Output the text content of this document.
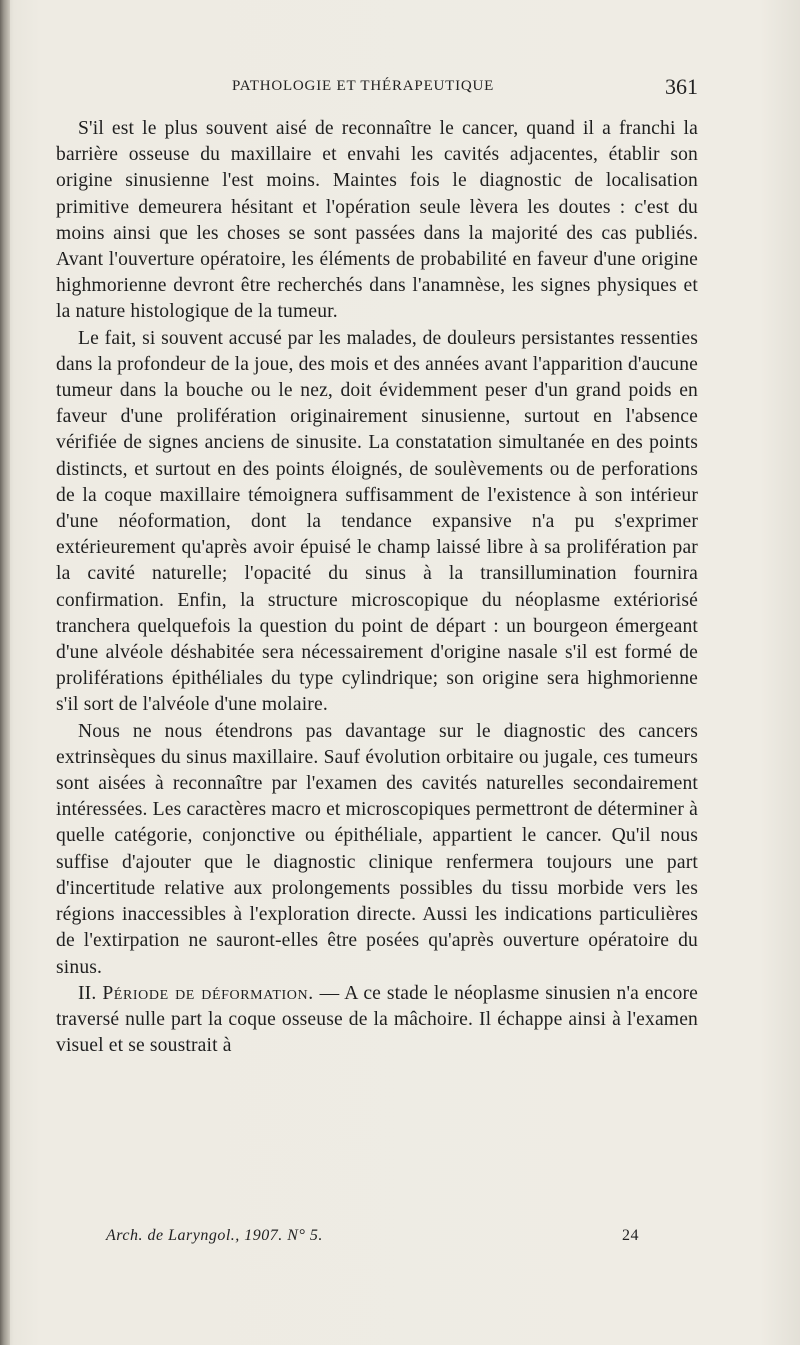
PATHOLOGIE ET THÉRAPEUTIQUE	361

S'il est le plus souvent aisé de reconnaître le cancer, quand il a franchi la barrière osseuse du maxillaire et envahi les cavités adjacentes, établir son origine sinusienne l'est moins. Maintes fois le diagnostic de localisation primitive demeurera hésitant et l'opération seule lèvera les doutes : c'est du moins ainsi que les choses se sont passées dans la majorité des cas publiés. Avant l'ouverture opératoire, les éléments de probabilité en faveur d'une origine highmorienne devront être recherchés dans l'anamnèse, les signes physiques et la nature histologique de la tumeur.

Le fait, si souvent accusé par les malades, de douleurs persistantes ressenties dans la profondeur de la joue, des mois et des années avant l'apparition d'aucune tumeur dans la bouche ou le nez, doit évidemment peser d'un grand poids en faveur d'une prolifération originairement sinusienne, surtout en l'absence vérifiée de signes anciens de sinusite. La constatation simultanée en des points distincts, et surtout en des points éloignés, de soulèvements ou de perforations de la coque maxillaire témoignera suffisamment de l'existence à son intérieur d'une néoformation, dont la tendance expansive n'a pu s'exprimer extérieurement qu'après avoir épuisé le champ laissé libre à sa prolifération par la cavité naturelle; l'opacité du sinus à la transillumination fournira confirmation. Enfin, la structure microscopique du néoplasme extériorisé tranchera quelquefois la question du point de départ : un bourgeon émergeant d'une alvéole déshabitée sera nécessairement d'origine nasale s'il est formé de proliférations épithéliales du type cylindrique; son origine sera highmorienne s'il sort de l'alvéole d'une molaire.

Nous ne nous étendrons pas davantage sur le diagnostic des cancers extrinsèques du sinus maxillaire. Sauf évolution orbitaire ou jugale, ces tumeurs sont aisées à reconnaître par l'examen des cavités naturelles secondairement intéressées. Les caractères macro et microscopiques permettront de déterminer à quelle catégorie, conjonctive ou épithéliale, appartient le cancer. Qu'il nous suffise d'ajouter que le diagnostic clinique renfermera toujours une part d'incertitude relative aux prolongements possibles du tissu morbide vers les régions inaccessibles à l'exploration directe. Aussi les indications particulières de l'extirpation ne sauront-elles être posées qu'après ouverture opératoire du sinus.

II. Période de déformation. — A ce stade le néoplasme sinusien n'a encore traversé nulle part la coque osseuse de la mâchoire. Il échappe ainsi à l'examen visuel et se soustrait à

Arch. de Laryngol., 1907. N° 5.	24
